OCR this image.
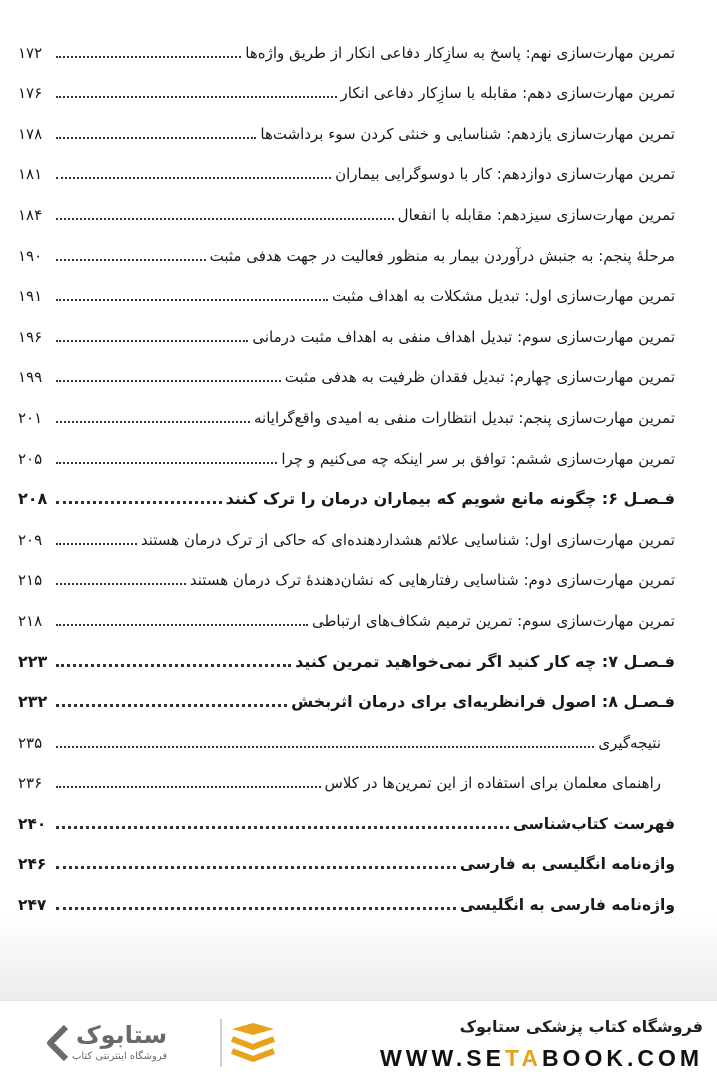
تمرین مهارت‌سازی نهم: پاسخ به سازِکار دفاعی انکار از طریق واژه‌ها
۱۷۲
تمرین مهارت‌سازی دهم: مقابله با سازِکار دفاعی انکار
۱۷۶
تمرین مهارت‌سازی یازدهم: شناسایی و خنثی کردن سوء برداشت‌ها
۱۷۸
تمرین مهارت‌سازی دوازدهم: کار با دوسوگرایی بیماران
۱۸۱
تمرین مهارت‌سازی سیزدهم: مقابله با انفعال
۱۸۴
مرحلهٔ پنجم: به جنبش درآوردن بیمار به منظور فعالیت در جهت هدفی مثبت
۱۹۰
تمرین مهارت‌سازی اول: تبدیل مشکلات به اهداف مثبت
۱۹۱
تمرین مهارت‌سازی سوم: تبدیل اهداف منفی به اهداف مثبت درمانی
۱۹۶
تمرین مهارت‌سازی چهارم: تبدیل فقدان ظرفیت به هدفی مثبت
۱۹۹
تمرین مهارت‌سازی پنجم: تبدیل انتظارات منفی به امیدی واقع‌گرایانه
۲۰۱
تمرین مهارت‌سازی ششم: توافق بر سر اینکه چه می‌کنیم و چرا
۲۰۵
فـصـل ۶: چگونه مانع شویم که بیماران درمان را ترک کنند
۲۰۸
تمرین مهارت‌سازی اول: شناسایی علائم هشداردهنده‌ای که حاکی از ترک درمان هستند
۲۰۹
تمرین مهارت‌سازی دوم: شناسایی رفتارهایی که نشان‌دهندهٔ ترک درمان هستند
۲۱۵
تمرین مهارت‌سازی سوم: تمرین ترمیم شکاف‌های ارتباطی
۲۱۸
فـصـل ۷: چه کار کنید اگر نمی‌خواهید تمرین کنید
۲۲۳
فـصـل ۸: اصول فرانظریه‌ای برای درمان اثربخش
۲۳۲
نتیجه‌گیری
۲۳۵
راهنمای معلمان برای استفاده از این تمرین‌ها در کلاس
۲۳۶
فهرست کتاب‌شناسی
۲۴۰
واژه‌نامه انگلیسی به فارسی
۲۴۶
واژه‌نامه فارسی به انگلیسی
۲۴۷
فروشگاه کتاب پزشکی ستابوک
WWW.SETABOOK.COM
ستابوک
فروشگاه اینترنتی کتاب
